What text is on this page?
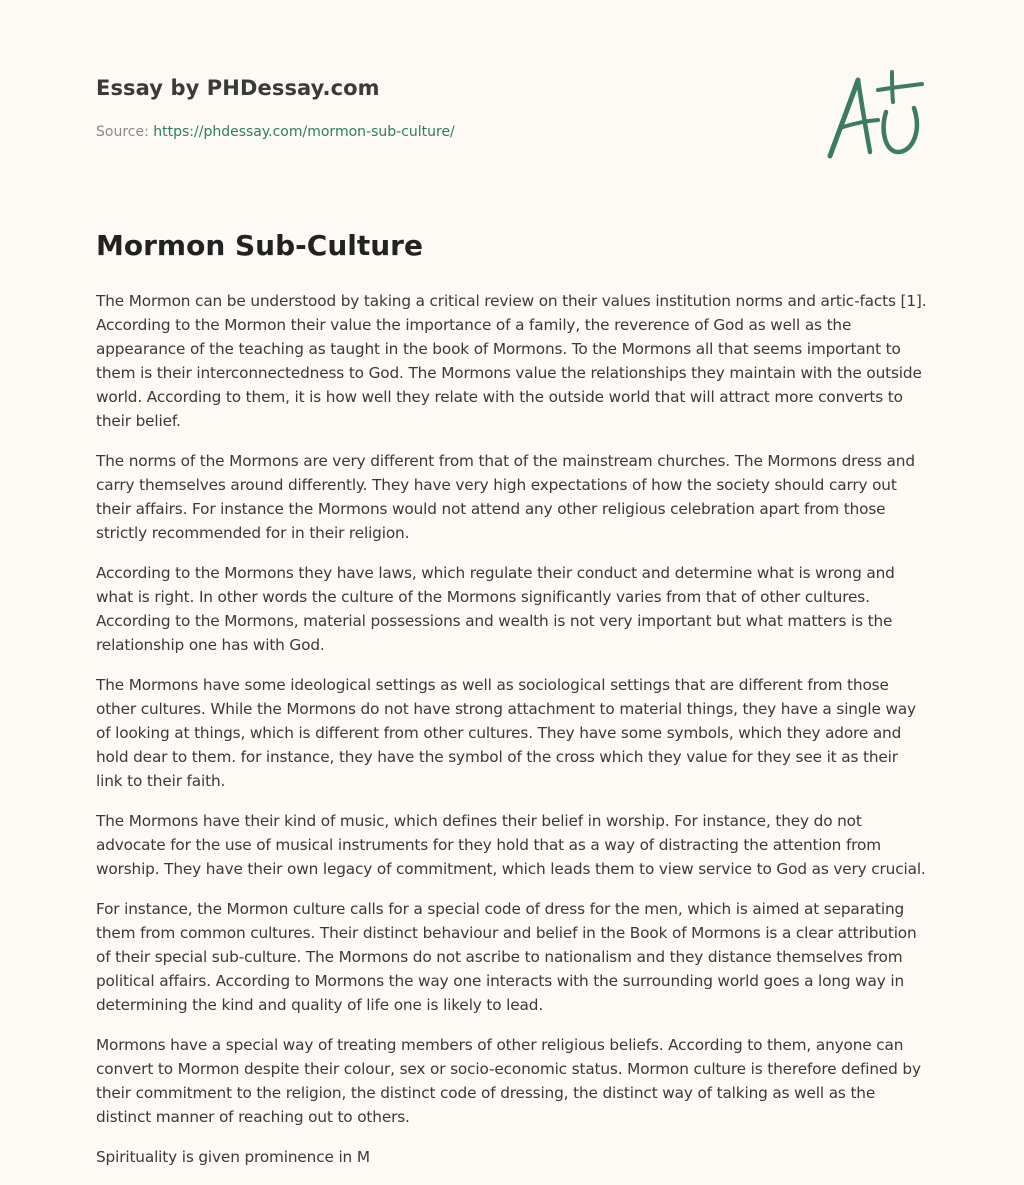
Essay by PHDessay.com
Source: https://phdessay.com/mormon-sub-culture/
Mormon Sub-Culture

The Mormon can be understood by taking a critical review on their values institution norms and artic-facts [1]. According to the Mormon their value the importance of a family, the reverence of God as well as the appearance of the teaching as taught in the book of Mormons. To the Mormons all that seems important to them is their interconnectedness to God. The Mormons value the relationships they maintain with the outside world. According to them, it is how well they relate with the outside world that will attract more converts to their belief.

The norms of the Mormons are very different from that of the mainstream churches. The Mormons dress and carry themselves around differently. They have very high expectations of how the society should carry out their affairs. For instance the Mormons would not attend any other religious celebration apart from those strictly recommended for in their religion.

According to the Mormons they have laws, which regulate their conduct and determine what is wrong and what is right. In other words the culture of the Mormons significantly varies from that of other cultures. According to the Mormons, material possessions and wealth is not very important but what matters is the relationship one has with God.

The Mormons have some ideological settings as well as sociological settings that are different from those other cultures. While the Mormons do not have strong attachment to material things, they have a single way of looking at things, which is different from other cultures. They have some symbols, which they adore and hold dear to them. for instance, they have the symbol of the cross which they value for they see it as their link to their faith.

The Mormons have their kind of music, which defines their belief in worship. For instance, they do not advocate for the use of musical instruments for they hold that as a way of distracting the attention from worship. They have their own legacy of commitment, which leads them to view service to God as very crucial.

For instance, the Mormon culture calls for a special code of dress for the men, which is aimed at separating them from common cultures. Their distinct behaviour and belief in the Book of Mormons is a clear attribution of their special sub-culture. The Mormons do not ascribe to nationalism and they distance themselves from political affairs. According to Mormons the way one interacts with the surrounding world goes a long way in determining the kind and quality of life one is likely to lead.

Mormons have a special way of treating members of other religious beliefs. According to them, anyone can convert to Mormon despite their colour, sex or socio-economic status. Mormon culture is therefore defined by their commitment to the religion, the distinct code of dressing, the distinct way of talking as well as the distinct manner of reaching out to others.

Spirituality is given prominence in M
